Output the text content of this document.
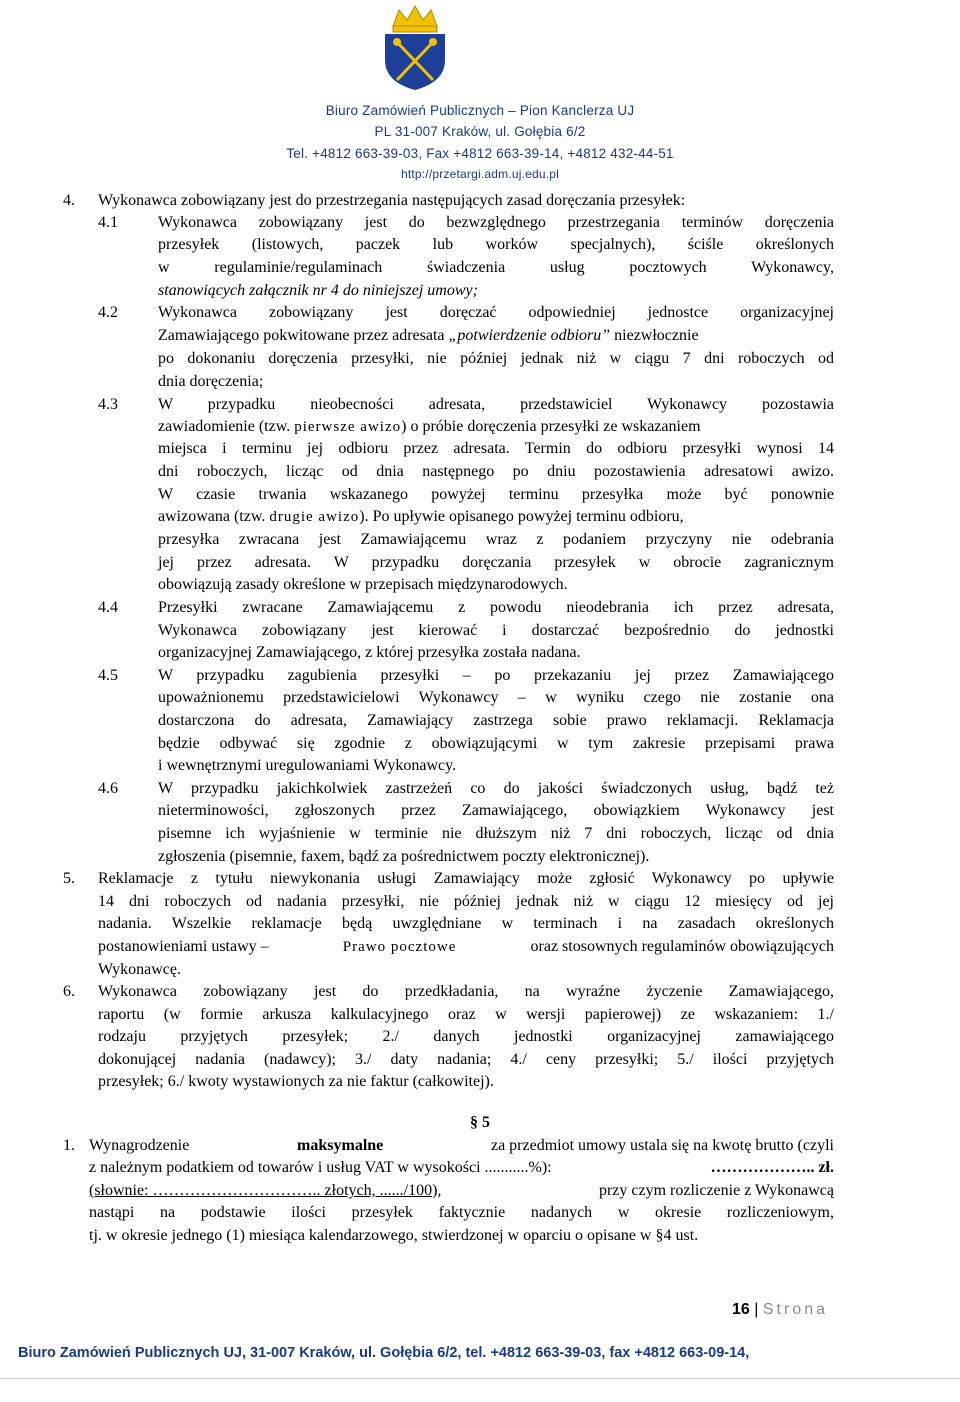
Biuro Zamówień Publicznych – Pion Kanclerza UJ
PL 31-007 Kraków, ul. Gołębia 6/2
Tel. +4812 663-39-03, Fax +4812 663-39-14, +4812 432-44-51
http://przetargi.adm.uj.edu.pl
4. Wykonawca zobowiązany jest do przestrzegania następujących zasad doręczania przesyłek:
4.1	Wykonawca zobowiązany jest do bezwzględnego przestrzegania terminów doręczenia
przesyłek (listowych, paczek lub worków specjalnych), ściśle określonych
w regulaminie/regulaminach świadczenia usług pocztowych Wykonawcy,
stanowiących załącznik nr 4 do niniejszej umowy;
4.2	Wykonawca zobowiązany jest doręczać odpowiedniej jednostce organizacyjnej
Zamawiającego pokwitowane przez adresata „potwierdzenie odbioru” niezwłocznie
po dokonaniu doręczenia przesyłki, nie później jednak niż w ciągu 7 dni roboczych od
dnia doręczenia;
4.3	W przypadku nieobecności adresata, przedstawiciel Wykonawcy pozostawia
zawiadomienie (tzw. pierwsze awizo) o próbie doręczenia przesyłki ze wskazaniem
miejsca i terminu jej odbioru przez adresata. Termin do odbioru przesyłki wynosi 14
dni roboczych, licząc od dnia następnego po dniu pozostawienia adresatowi awizo.
W czasie trwania wskazanego powyżej terminu przesyłka może być ponownie
awizowana (tzw. drugie awizo). Po upływie opisanego powyżej terminu odbioru,
przesyłka zwracana jest Zamawiającemu wraz z podaniem przyczyny nie odebrania
jej przez adresata. W przypadku doręczania przesyłek w obrocie zagranicznym
obowiązują zasady określone w przepisach międzynarodowych.
4.4	Przesyłki zwracane Zamawiającemu z powodu nieodebrania ich przez adresata,
Wykonawca zobowiązany jest kierować i dostarczać bezpośrednio do jednostki
organizacyjnej Zamawiającego, z której przesyłka została nadana.
4.5	W przypadku zagubienia przesyłki – po przekazaniu jej przez Zamawiającego
upoważnionemu przedstawicielowi Wykonawcy – w wyniku czego nie zostanie ona
dostarczona do adresata, Zamawiający zastrzega sobie prawo reklamacji. Reklamacja
będzie odbywać się zgodnie z obowiązującymi w tym zakresie przepisami prawa
i wewnętrznymi uregulowaniami Wykonawcy.
4.6	W przypadku jakichkolwiek zastrzeżeń co do jakości świadczonych usług, bądź też
nieterminowości, zgłoszonych przez Zamawiającego, obowiązkiem Wykonawcy jest
pisemne ich wyjaśnienie w terminie nie dłuższym niż 7 dni roboczych, licząc od dnia
zgłoszenia (pisemnie, faxem, bądź za pośrednictwem poczty elektronicznej).
5. Reklamacje z tytułu niewykonania usługi Zamawiający może zgłosić Wykonawcy po upływie
14 dni roboczych od nadania przesyłki, nie później jednak niż w ciągu 12 miesięcy od jej
nadania. Wszelkie reklamacje będą uwzględniane w terminach i na zasadach określonych
postanowieniami ustawy –	Prawo pocztowe	oraz stosownych regulaminów obowiązujących
Wykonawcę.
6. Wykonawca zobowiązany jest do przedkładania, na wyraźne życzenie Zamawiającego,
raportu (w formie arkusza kalkulacyjnego oraz w wersji papierowej) ze wskazaniem: 1./
rodzaju przyjętych przesyłek; 2./ danych jednostki organizacyjnej zamawiającego
dokonującej nadania (nadawcy); 3./ daty nadania; 4./ ceny przesyłki; 5./ ilości przyjętych
przesyłek; 6./ kwoty wystawionych za nie faktur (całkowitej).
§ 5
1. Wynagrodzenie	maksymalne	za przedmiot umowy ustala się na kwotę brutto (czyli
z należnym podatkiem od towarów i usług VAT w wysokości ...........%):	……………….. zł.
(słownie: ………………………….. złotych, ....../100),	przy czym rozliczenie z Wykonawcą
nastąpi na podstawie ilości przesyłek faktycznie nadanych w okresie rozliczeniowym,
tj. w okresie jednego (1) miesiąca kalendarzowego, stwierdzonej w oparciu o opisane w §4 ust.
16 | Strona
Biuro Zamówień Publicznych UJ, 31-007 Kraków, ul. Gołębia 6/2, tel. +4812 663-39-03, fax +4812 663-09-14,
